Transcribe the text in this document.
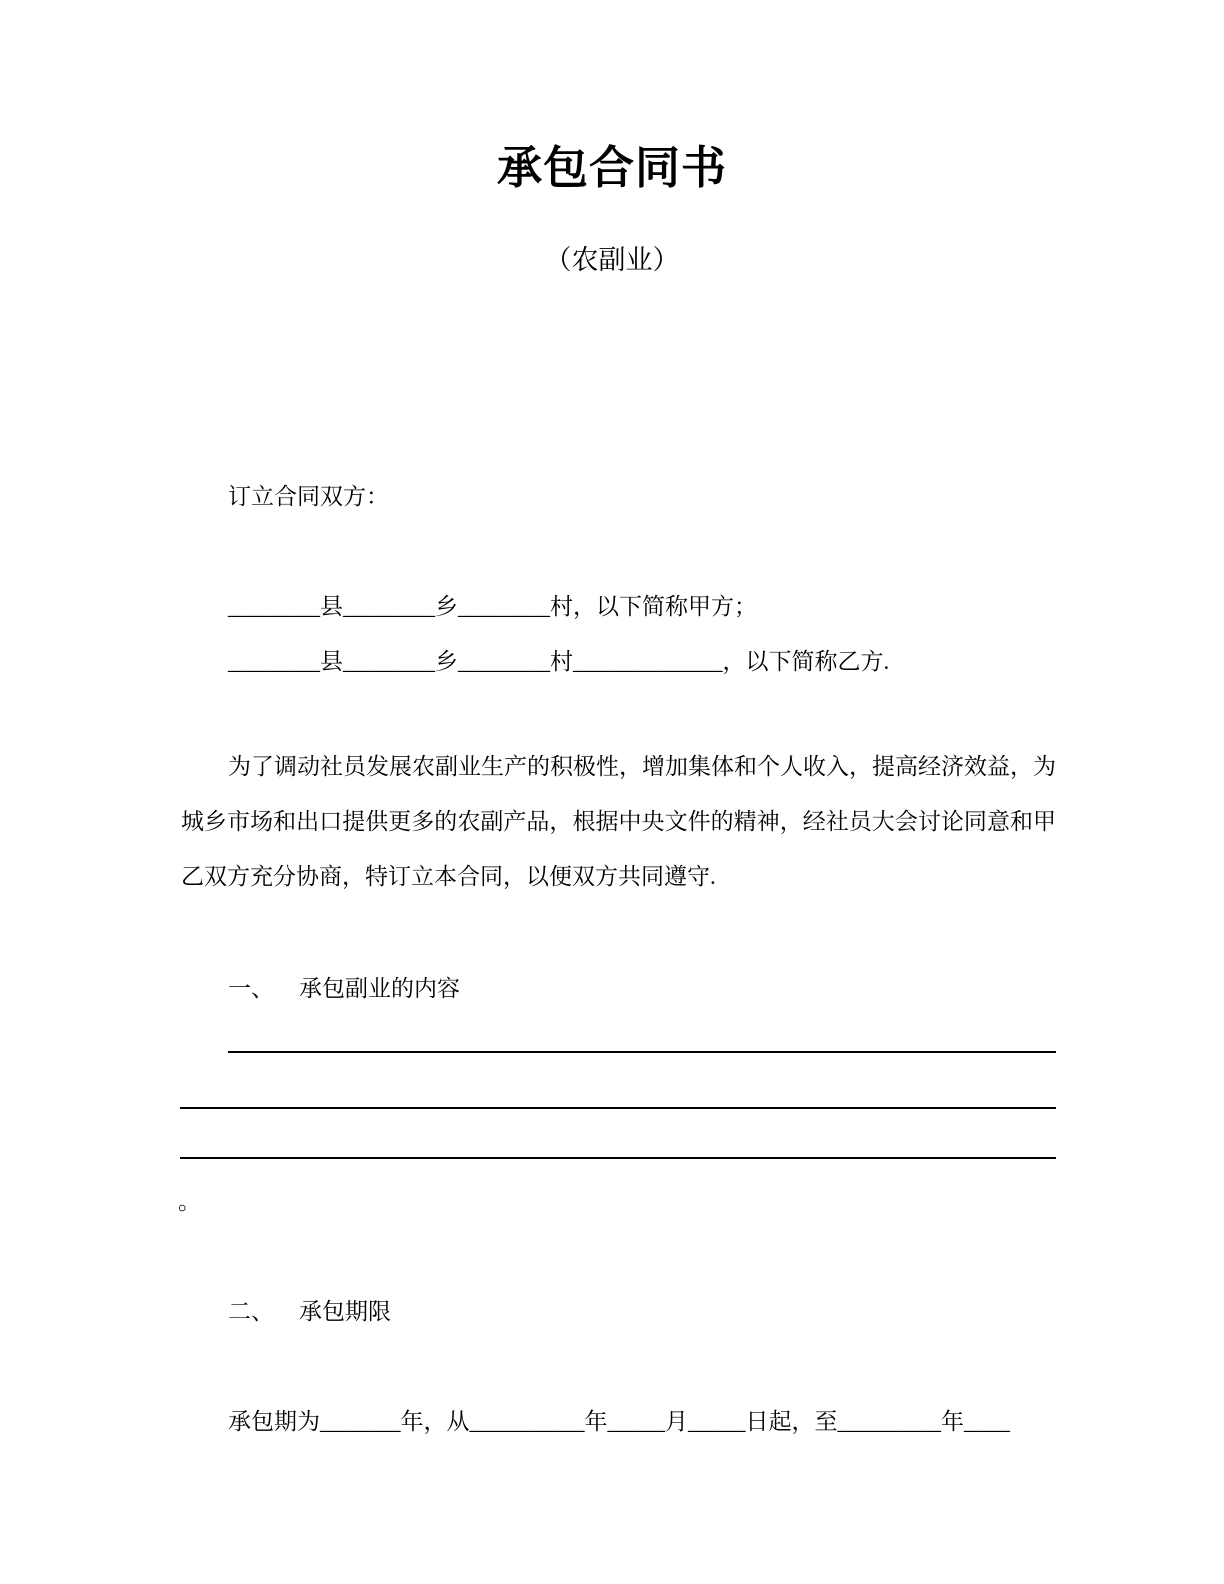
承包合同书
（农副业）
订立合同双方：
________县________乡________村，以下简称甲方；
________县________乡________村_____________，以下简称乙方.
为了调动社员发展农副业生产的积极性，增加集体和个人收入，提高经济效益，为城乡市场和出口提供更多的农副产品，根据中央文件的精神，经社员大会讨论同意和甲乙双方充分协商，特订立本合同，以便双方共同遵守.
一、 承包副业的内容
。
二、 承包期限
承包期为_______年，从__________年_____月_____日起，至_________年____
